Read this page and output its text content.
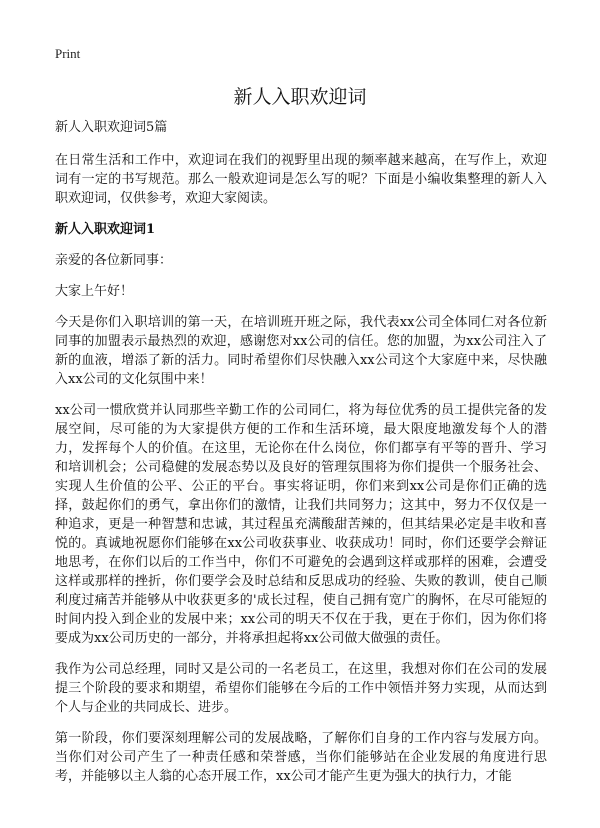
Print
新人入职欢迎词

新人入职欢迎词5篇

在日常生活和工作中，欢迎词在我们的视野里出现的频率越来越高，在写作上，欢迎词有一定的书写规范。那么一般欢迎词是怎么写的呢？下面是小编收集整理的新人入职欢迎词，仅供参考，欢迎大家阅读。

新人入职欢迎词1

亲爱的各位新同事：

大家上午好！

今天是你们入职培训的第一天，在培训班开班之际，我代表xx公司全体同仁对各位新同事的加盟表示最热烈的欢迎，感谢您对xx公司的信任。您的加盟，为xx公司注入了新的血液，增添了新的活力。同时希望你们尽快融入xx公司这个大家庭中来，尽快融入xx公司的文化氛围中来！

xx公司一惯欣赏并认同那些辛勤工作的公司同仁，将为每位优秀的员工提供完备的发展空间，尽可能的为大家提供方便的工作和生活环境，最大限度地激发每个人的潜力，发挥每个人的价值。在这里，无论你在什么岗位，你们都享有平等的晋升、学习和培训机会；公司稳健的发展态势以及良好的管理氛围将为你们提供一个服务社会、实现人生价值的公平、公正的平台。事实将证明，你们来到xx公司是你们正确的选择，鼓起你们的勇气，拿出你们的激情，让我们共同努力；这其中，努力不仅仅是一种追求，更是一种智慧和忠诚，其过程虽充满酸甜苦辣的，但其结果必定是丰收和喜悦的。真诚地祝愿你们能够在xx公司收获事业、收获成功！同时，你们还要学会辩证地思考，在你们以后的工作当中，你们不可避免的会遇到这样或那样的困难，会遭受这样或那样的挫折，你们要学会及时总结和反思成功的经验、失败的教训，使自己顺利度过痛苦并能够从中收获更多的'成长过程，使自己拥有宽广的胸怀，在尽可能短的时间内投入到企业的发展中来；xx公司的明天不仅在于我，更在于你们，因为你们将要成为xx公司历史的一部分，并将承担起将xx公司做大做强的责任。

我作为公司总经理，同时又是公司的一名老员工，在这里，我想对你们在公司的发展提三个阶段的要求和期望，希望你们能够在今后的工作中领悟并努力实现，从而达到个人与企业的共同成长、进步。

第一阶段，你们要深刻理解公司的发展战略，了解你们自身的工作内容与发展方向。当你们对公司产生了一种责任感和荣誉感，当你们能够站在企业发展的角度进行思考，并能够以主人翁的心态开展工作，xx公司才能产生更为强大的执行力，才能
